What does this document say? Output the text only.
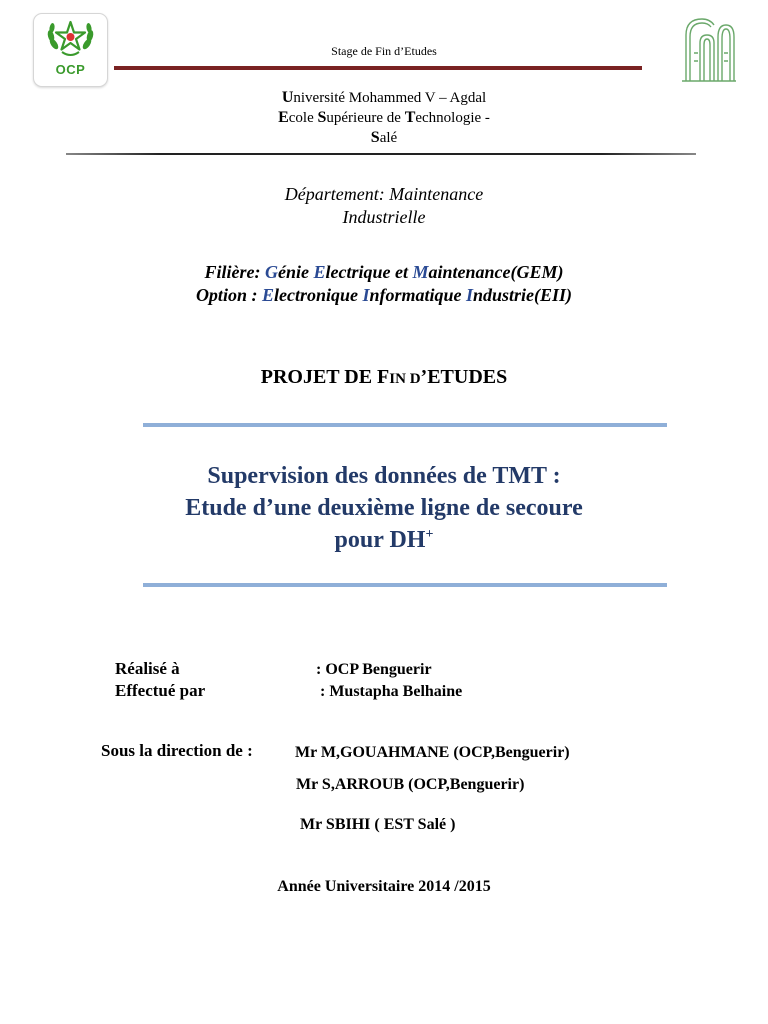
OCP
Stage de Fin d’Etudes
Université Mohammed V – Agdal
Ecole Supérieure de Technologie -
Salé
Département: Maintenance
Industrielle
Filière: Génie Electrique et Maintenance(GEM)
Option : Electronique Informatique Industrie(EII)
PROJET DE FIN D’ETUDES
Supervision des données de TMT :
Etude d’une deuxième ligne de secoure
pour DH+
Réalisé à	: OCP Benguerir
Effectué par	: Mustapha Belhaine
Sous la direction de :	Mr M,GOUAHMANE (OCP,Benguerir)
Mr S,ARROUB (OCP,Benguerir)
Mr SBIHI ( EST Salé )
Année Universitaire 2014 /2015
